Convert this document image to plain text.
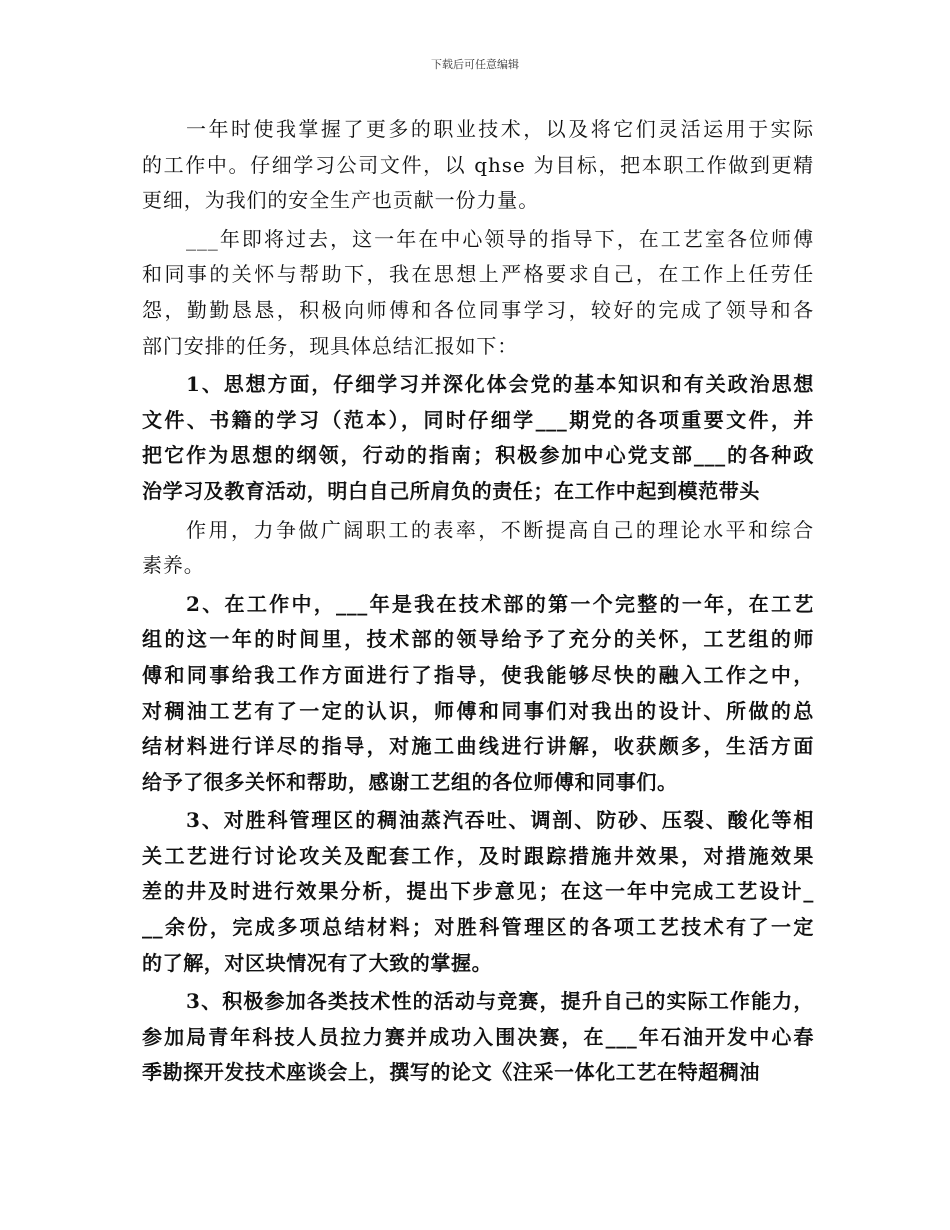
下载后可任意编辑
一年时使我掌握了更多的职业技术，以及将它们灵活运用于实际
的工作中。仔细学习公司文件，以 qhse 为目标，把本职工作做到更精
更细，为我们的安全生产也贡献一份力量。
___年即将过去，这一年在中心领导的指导下，在工艺室各位师傅
和同事的关怀与帮助下，我在思想上严格要求自己，在工作上任劳任
怨，勤勤恳恳，积极向师傅和各位同事学习，较好的完成了领导和各
部门安排的任务，现具体总结汇报如下：
1、思想方面，仔细学习并深化体会党的基本知识和有关政治思想
文件、书籍的学习（范本），同时仔细学___期党的各项重要文件，并
把它作为思想的纲领，行动的指南；积极参加中心党支部___的各种政
治学习及教育活动，明白自己所肩负的责任；在工作中起到模范带头
作用，力争做广阔职工的表率，不断提高自己的理论水平和综合
素养。
2、在工作中，___年是我在技术部的第一个完整的一年，在工艺
组的这一年的时间里，技术部的领导给予了充分的关怀，工艺组的师
傅和同事给我工作方面进行了指导，使我能够尽快的融入工作之中，
对稠油工艺有了一定的认识，师傅和同事们对我出的设计、所做的总
结材料进行详尽的指导，对施工曲线进行讲解，收获颇多，生活方面
给予了很多关怀和帮助，感谢工艺组的各位师傅和同事们。
3、对胜科管理区的稠油蒸汽吞吐、调剖、防砂、压裂、酸化等相
关工艺进行讨论攻关及配套工作，及时跟踪措施井效果，对措施效果
差的井及时进行效果分析，提出下步意见；在这一年中完成工艺设计_
__余份，完成多项总结材料；对胜科管理区的各项工艺技术有了一定
的了解，对区块情况有了大致的掌握。
3、积极参加各类技术性的活动与竞赛，提升自己的实际工作能力，
参加局青年科技人员拉力赛并成功入围决赛，在___年石油开发中心春
季勘探开发技术座谈会上，撰写的论文《注采一体化工艺在特超稠油
